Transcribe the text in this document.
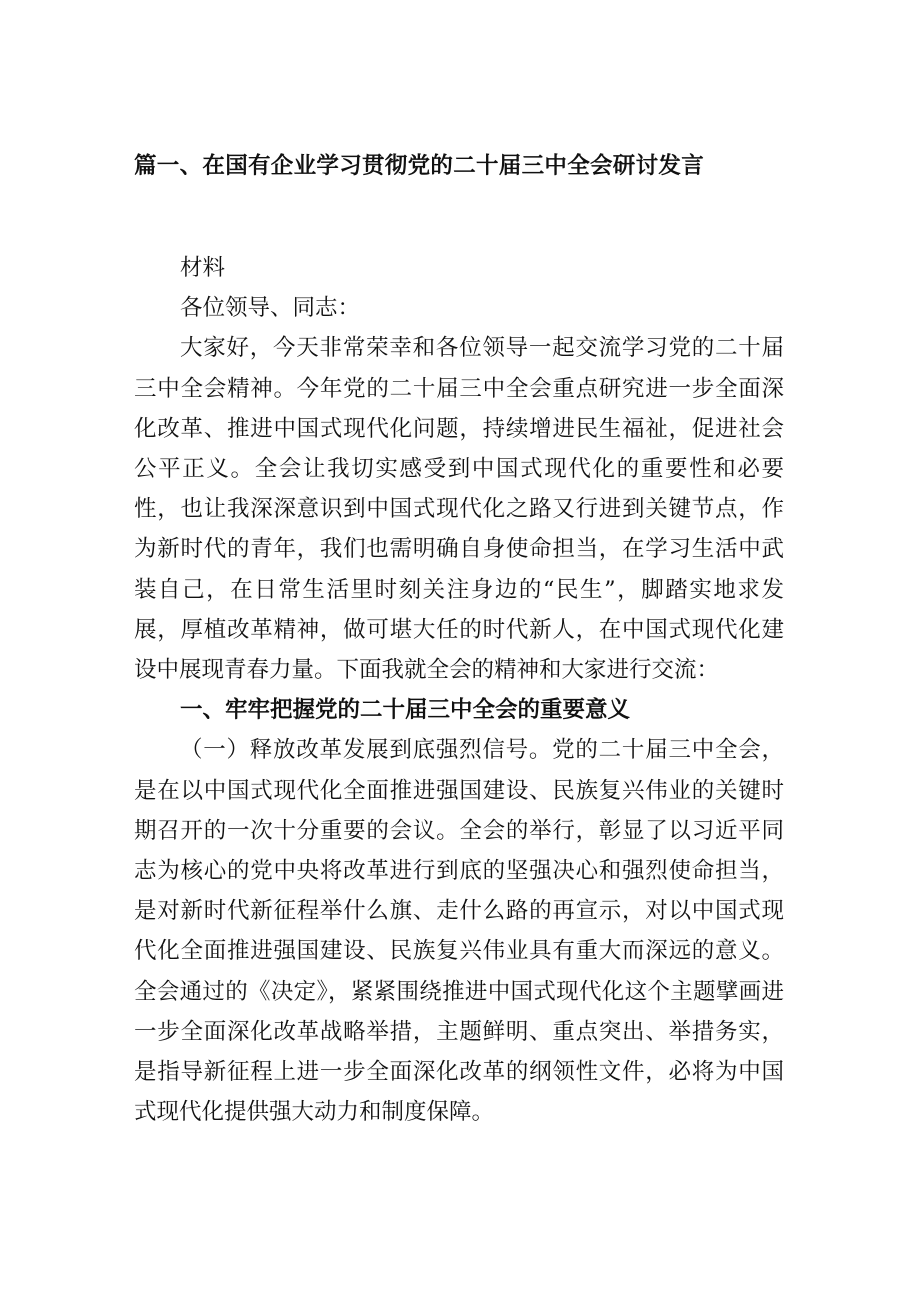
篇一、在国有企业学习贯彻党的二十届三中全会研讨发言

材料

各位领导、同志：

大家好，今天非常荣幸和各位领导一起交流学习党的二十届三中全会精神。今年党的二十届三中全会重点研究进一步全面深化改革、推进中国式现代化问题，持续增进民生福祉，促进社会公平正义。全会让我切实感受到中国式现代化的重要性和必要性，也让我深深意识到中国式现代化之路又行进到关键节点，作为新时代的青年，我们也需明确自身使命担当，在学习生活中武装自己，在日常生活里时刻关注身边的“民生”，脚踏实地求发展，厚植改革精神，做可堪大任的时代新人，在中国式现代化建设中展现青春力量。下面我就全会的精神和大家进行交流：

一、牢牢把握党的二十届三中全会的重要意义

（一）释放改革发展到底强烈信号。党的二十届三中全会，是在以中国式现代化全面推进强国建设、民族复兴伟业的关键时期召开的一次十分重要的会议。全会的举行，彰显了以习近平同志为核心的党中央将改革进行到底的坚强决心和强烈使命担当，是对新时代新征程举什么旗、走什么路的再宣示，对以中国式现代化全面推进强国建设、民族复兴伟业具有重大而深远的意义。全会通过的《决定》，紧紧围绕推进中国式现代化这个主题擘画进一步全面深化改革战略举措，主题鲜明、重点突出、举措务实，是指导新征程上进一步全面深化改革的纲领性文件，必将为中国式现代化提供强大动力和制度保障。
